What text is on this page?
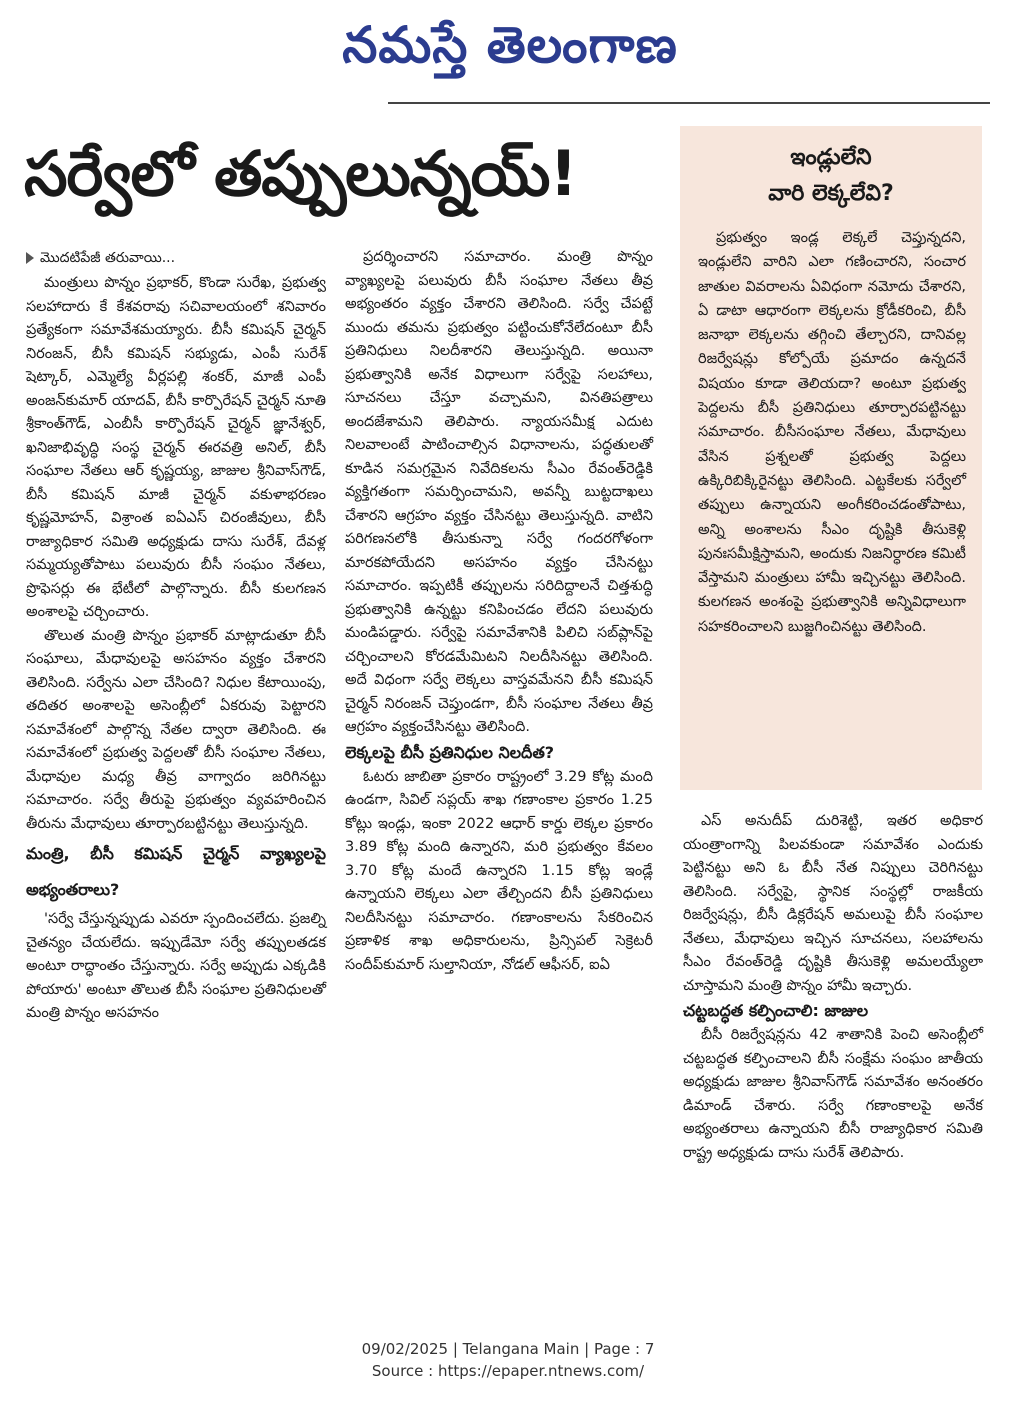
నమస్తే తెలంగాణ
సర్వేలో తప్పులున్నయ్!
మొదటిపేజీ తరువాయి...

మంత్రులు పొన్నం ప్రభాకర్, కొండా సురేఖ, ప్రభుత్వ సలహాదారు కే కేశవరావు సచివాలయంలో శనివారం ప్రత్యేకంగా సమావేశమయ్యారు. బీసీ కమిషన్ చైర్మన్ నిరంజన్, బీసీ కమిషన్ సభ్యుడు, ఎంపీ సురేశ్ షెట్కార్, ఎమ్మెల్యే వీర్లపల్లి శంకర్, మాజీ ఎంపీ అంజన్‌కుమార్ యాదవ్, బీసీ కార్పొరేషన్ చైర్మన్ నూతి శ్రీకాంత్‌గౌడ్, ఎంబీసీ కార్పొరేషన్ చైర్మన్ జ్ఞానేశ్వర్, ఖనిజాభివృద్ధి సంస్థ చైర్మన్ ఈరవత్రి అనిల్, బీసీ సంఘాల నేతలు ఆర్ కృష్ణయ్య, జాజుల శ్రీనివాస్‌గౌడ్, బీసీ కమిషన్ మాజీ చైర్మన్ వకుళాభరణం కృష్ణమోహన్, విశ్రాంత ఐఏఎస్ చిరంజీవులు, బీసీ రాజ్యాధికార సమితి అధ్యక్షుడు దాసు సురేశ్, దేవళ్ల సమ్మయ్యతోపాటు పలువురు బీసీ సంఘం నేతలు, ప్రొఫెసర్లు ఈ భేటీలో పాల్గొన్నారు. బీసీ కులగణన అంశాలపై చర్చించారు.

తొలుత మంత్రి పొన్నం ప్రభాకర్ మాట్లాడుతూ బీసీ సంఘాలు, మేధావులపై అసహనం వ్యక్తం చేశారని తెలిసింది. సర్వేను ఎలా చేసింది? నిధుల కేటాయింపు, తదితర అంశాలపై అసెంబ్లీలో ఏకరువు పెట్టారని సమావేశంలో పాల్గొన్న నేతల ద్వారా తెలిసింది. ఈ సమావేశంలో ప్రభుత్వ పెద్దలతో బీసీ సంఘాల నేతలు, మేధావుల మధ్య తీవ్ర వాగ్వాదం జరిగినట్టు సమాచారం. సర్వే తీరుపై ప్రభుత్వం వ్యవహరించిన తీరును మేధావులు తూర్పారబట్టినట్టు తెలుస్తున్నది.

మంత్రి, బీసీ కమిషన్ చైర్మన్ వ్యాఖ్యలపై అభ్యంతరాలు?

'సర్వే చేస్తున్నప్పుడు ఎవరూ స్పందించలేదు. ప్రజల్ని చైతన్యం చేయలేదు. ఇప్పుడేమో సర్వే తప్పులతడక అంటూ రాద్ధాంతం చేస్తున్నారు. సర్వే అప్పుడు ఎక్కడికి పోయారు' అంటూ తొలుత బీసీ సంఘాల ప్రతినిధులతో మంత్రి పొన్నం అసహనం

ప్రదర్శించారని సమాచారం. మంత్రి పొన్నం వ్యాఖ్యలపై పలువురు బీసీ సంఘాల నేతలు తీవ్ర అభ్యంతరం వ్యక్తం చేశారని తెలిసింది. సర్వే చేపట్టే ముందు తమను ప్రభుత్వం పట్టించుకోనేలేదంటూ బీసీ ప్రతినిధులు నిలదీశారని తెలుస్తున్నది. అయినా ప్రభుత్వానికి అనేక విధాలుగా సర్వేపై సలహాలు, సూచనలు చేస్తూ వచ్చామని, వినతిపత్రాలు అందజేశామని తెలిపారు. న్యాయసమీక్ష ఎదుట నిలవాలంటే పాటించాల్సిన విధానాలను, పద్ధతులతో కూడిన సమగ్రమైన నివేదికలను సీఎం రేవంత్‌రెడ్డికి వ్యక్తిగతంగా సమర్పించామని, అవన్నీ బుట్టదాఖలు చేశారని ఆగ్రహం వ్యక్తం చేసినట్టు తెలుస్తున్నది. వాటిని పరిగణనలోకి తీసుకున్నా సర్వే గందరగోళంగా మారకపోయేదని అసహనం వ్యక్తం చేసినట్టు సమాచారం. ఇప్పటికీ తప్పులను సరిదిద్దాలనే చిత్తశుద్ధి ప్రభుత్వానికి ఉన్నట్టు కనిపించడం లేదని పలువురు మండిపడ్డారు. సర్వేపై సమావేశానికి పిలిచి సబ్‌ప్లాన్‌పై చర్చించాలని కోరడమేమిటని నిలదీసినట్టు తెలిసింది. అదే విధంగా సర్వే లెక్కలు వాస్తవమేనని బీసీ కమిషన్ చైర్మన్ నిరంజన్ చెప్తుండగా, బీసీ సంఘాల నేతలు తీవ్ర ఆగ్రహం వ్యక్తంచేసినట్టు తెలిసింది.

లెక్కలపై బీసీ ప్రతినిధుల నిలదీత?

ఓటరు జాబితా ప్రకారం రాష్ట్రంలో 3.29 కోట్ల మంది ఉండగా, సివిల్ సప్లయ్ శాఖ గణాంకాల ప్రకారం 1.25 కోట్లు ఇండ్లు, ఇంకా 2022 ఆధార్ కార్డు లెక్కల ప్రకారం 3.89 కోట్ల మంది ఉన్నారని, మరి ప్రభుత్వం కేవలం 3.70 కోట్ల మందే ఉన్నారని 1.15 కోట్ల ఇండ్లే ఉన్నాయని లెక్కలు ఎలా తేల్చిందని బీసీ ప్రతినిధులు నిలదీసినట్టు సమాచారం. గణాంకాలను సేకరించిన ప్రణాళిక శాఖ అధికారులను, ప్రిన్సిపల్ సెక్రెటరీ సందీప్‌కుమార్ సుల్తానియా, నోడల్ ఆఫీసర్, ఐఏ

ఇండ్లులేని
వారి లెక్కలేవి?
ప్రభుత్వం ఇండ్ల లెక్కలే చెప్తున్నదని, ఇండ్లులేని వారిని ఎలా గణించారని, సంచార జాతుల వివరాలను ఏవిధంగా నమోదు చేశారని, ఏ డాటా ఆధారంగా లెక్కలను క్రోడీకరించి, బీసీ జనాభా లెక్కలను తగ్గించి తేల్చారని, దానివల్ల రిజర్వేషన్లు కోల్పోయే ప్రమాదం ఉన్నదనే విషయం కూడా తెలియదా? అంటూ ప్రభుత్వ పెద్దలను బీసీ ప్రతినిధులు తూర్పారపట్టినట్టు సమాచారం. బీసీసంఘాల నేతలు, మేధావులు వేసిన ప్రశ్నలతో ప్రభుత్వ పెద్దలు ఉక్కిరిబిక్కిరైనట్టు తెలిసింది. ఎట్టకేలకు సర్వేలో తప్పులు ఉన్నాయని అంగీకరించడంతోపాటు, అన్ని అంశాలను సీఎం దృష్టికి తీసుకెళ్లి పునఃసమీక్షిస్తామని, అందుకు నిజనిర్ధారణ కమిటీ వేస్తామని మంత్రులు హామీ ఇచ్చినట్టు తెలిసింది. కులగణన అంశంపై ప్రభుత్వానికి అన్నివిధాలుగా సహకరించాలని బుజ్జగించినట్టు తెలిసింది.

ఎస్ అనుదీప్ దురిశెట్టి, ఇతర అధికార యంత్రాంగాన్ని పిలవకుండా సమావేశం ఎందుకు పెట్టినట్టు అని ఓ బీసీ నేత నిప్పులు చెరిగినట్టు తెలిసింది. సర్వేపై, స్థానిక సంస్థల్లో రాజకీయ రిజర్వేషన్లు, బీసీ డిక్లరేషన్ అమలుపై బీసీ సంఘాల నేతలు, మేధావులు ఇచ్చిన సూచనలు, సలహాలను సీఎం రేవంత్‌రెడ్డి దృష్టికి తీసుకెళ్లి అమలయ్యేలా చూస్తామని మంత్రి పొన్నం హామీ ఇచ్చారు.

చట్టబద్ధత కల్పించాలి: జాజుల

బీసీ రిజర్వేషన్లను 42 శాతానికి పెంచి అసెంబ్లీలో చట్టబద్ధత కల్పించాలని బీసీ సంక్షేమ సంఘం జాతీయ అధ్యక్షుడు జాజుల శ్రీనివాస్‌గౌడ్ సమావేశం అనంతరం డిమాండ్ చేశారు. సర్వే గణాంకాలపై అనేక అభ్యంతరాలు ఉన్నాయని బీసీ రాజ్యాధికార సమితి రాష్ట్ర అధ్యక్షుడు దాసు సురేశ్ తెలిపారు.

09/02/2025 | Telangana Main | Page : 7
Source : https://epaper.ntnews.com/
